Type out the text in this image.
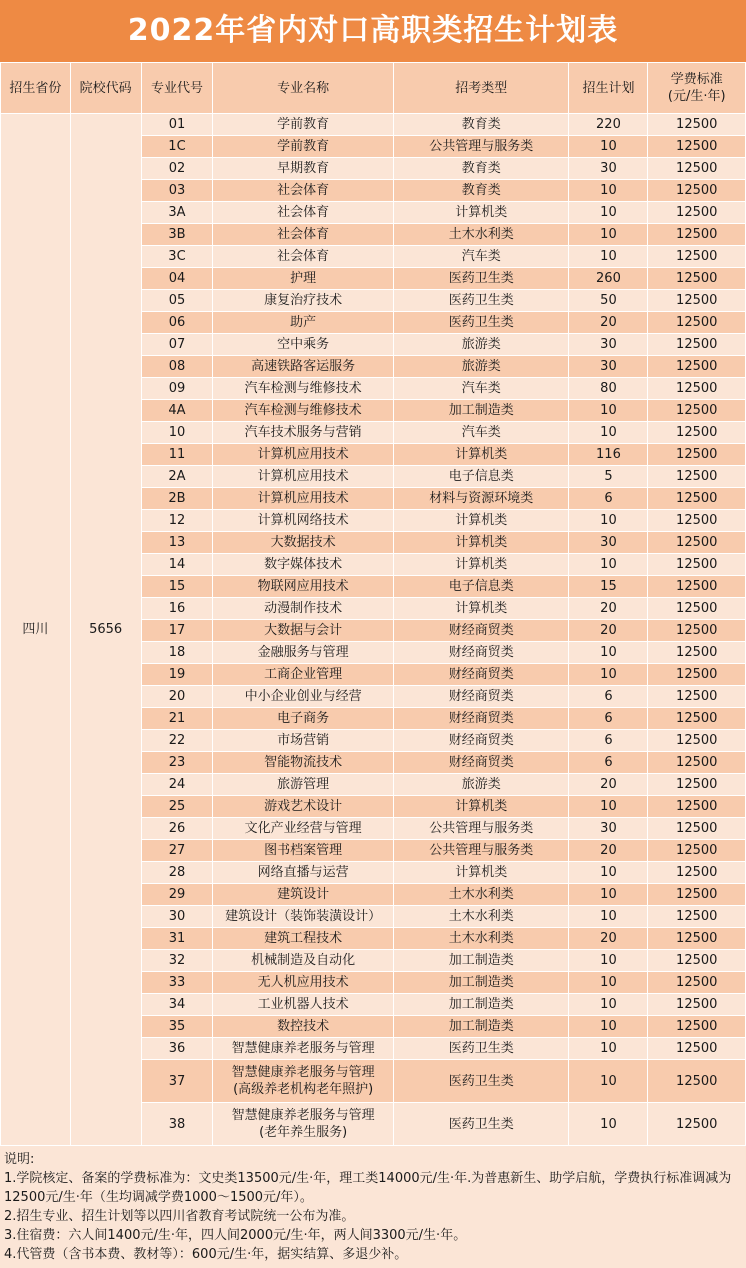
2022年省内对口高职类招生计划表
招生省份	院校代码	专业代号	专业名称	招考类型	招生计划	学费标准
(元/生·年)
四川	5656	01	学前教育	教育类	220	12500
		1C	学前教育	公共管理与服务类	10	12500
		02	早期教育	教育类	30	12500
		03	社会体育	教育类	10	12500
		3A	社会体育	计算机类	10	12500
		3B	社会体育	土木水利类	10	12500
		3C	社会体育	汽车类	10	12500
		04	护理	医药卫生类	260	12500
		05	康复治疗技术	医药卫生类	50	12500
		06	助产	医药卫生类	20	12500
		07	空中乘务	旅游类	30	12500
		08	高速铁路客运服务	旅游类	30	12500
		09	汽车检测与维修技术	汽车类	80	12500
		4A	汽车检测与维修技术	加工制造类	10	12500
		10	汽车技术服务与营销	汽车类	10	12500
		11	计算机应用技术	计算机类	116	12500
		2A	计算机应用技术	电子信息类	5	12500
		2B	计算机应用技术	材料与资源环境类	6	12500
		12	计算机网络技术	计算机类	10	12500
		13	大数据技术	计算机类	30	12500
		14	数字媒体技术	计算机类	10	12500
		15	物联网应用技术	电子信息类	15	12500
		16	动漫制作技术	计算机类	20	12500
		17	大数据与会计	财经商贸类	20	12500
		18	金融服务与管理	财经商贸类	10	12500
		19	工商企业管理	财经商贸类	10	12500
		20	中小企业创业与经营	财经商贸类	6	12500
		21	电子商务	财经商贸类	6	12500
		22	市场营销	财经商贸类	6	12500
		23	智能物流技术	财经商贸类	6	12500
		24	旅游管理	旅游类	20	12500
		25	游戏艺术设计	计算机类	10	12500
		26	文化产业经营与管理	公共管理与服务类	30	12500
		27	图书档案管理	公共管理与服务类	20	12500
		28	网络直播与运营	计算机类	10	12500
		29	建筑设计	土木水利类	10	12500
		30	建筑设计（装饰装潢设计）	土木水利类	10	12500
		31	建筑工程技术	土木水利类	20	12500
		32	机械制造及自动化	加工制造类	10	12500
		33	无人机应用技术	加工制造类	10	12500
		34	工业机器人技术	加工制造类	10	12500
		35	数控技术	加工制造类	10	12500
		36	智慧健康养老服务与管理	医药卫生类	10	12500
		37	智慧健康养老服务与管理
(高级养老机构老年照护)	医药卫生类	10	12500
		38	智慧健康养老服务与管理
(老年养生服务)	医药卫生类	10	12500
说明:
1.学院核定、备案的学费标准为：文史类13500元/生·年，理工类14000元/生·年.为普惠新生、助学启航，学费执行标准调减为12500元/生·年（生均调减学费1000～1500元/年）。
2.招生专业、招生计划等以四川省教育考试院统一公布为准。
3.住宿费：六人间1400元/生·年，四人间2000元/生·年，两人间3300元/生·年。
4.代管费（含书本费、教材等）：600元/生·年，据实结算、多退少补。
